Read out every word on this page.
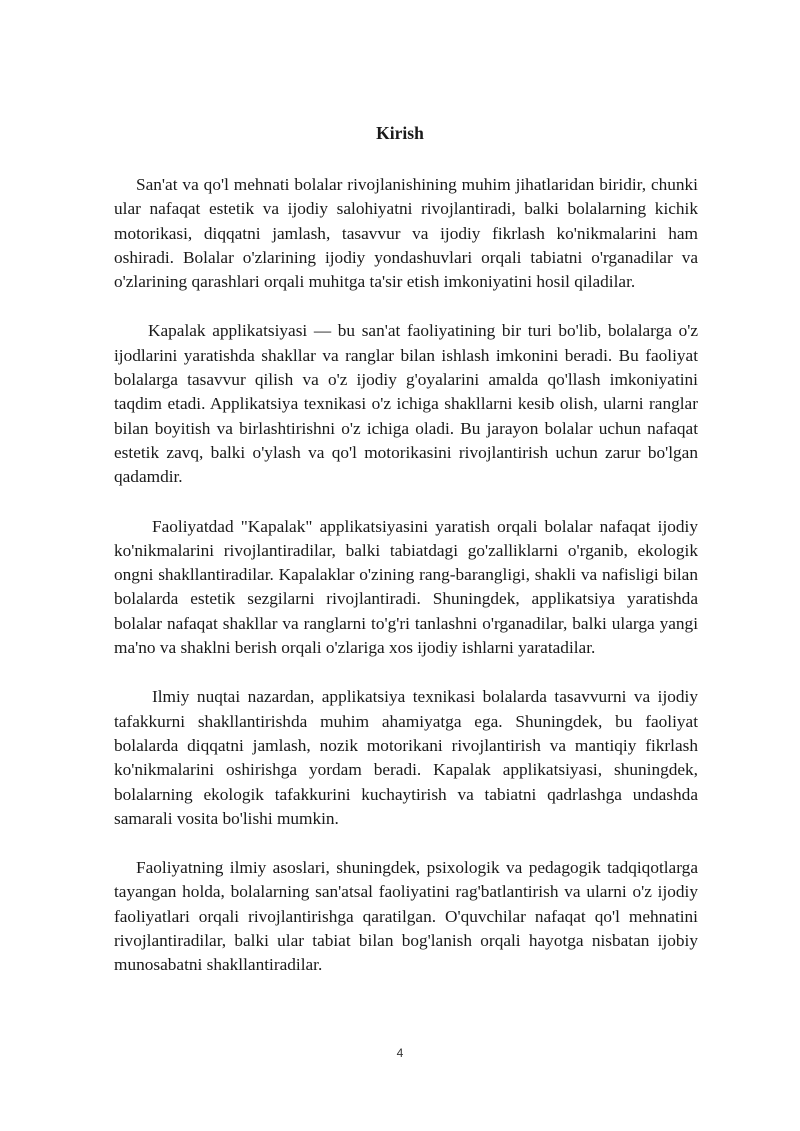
Kirish

San'at va qo'l mehnati bolalar rivojlanishining muhim jihatlaridan biridir, chunki ular nafaqat estetik va ijodiy salohiyatni rivojlantiradi, balki bolalarning kichik motorikasi, diqqatni jamlash, tasavvur va ijodiy fikrlash ko'nikmalarini ham oshiradi. Bolalar o'zlarining ijodiy yondashuvlari orqali tabiatni o'rganadilar va o'zlarining qarashlari orqali muhitga ta'sir etish imkoniyatini hosil qiladilar.

Kapalak applikatsiyasi — bu san'at faoliyatining bir turi bo'lib, bolalarga o'z ijodlarini yaratishda shakllar va ranglar bilan ishlash imkonini beradi. Bu faoliyat bolalarga tasavvur qilish va o'z ijodiy g'oyalarini amalda qo'llash imkoniyatini taqdim etadi. Applikatsiya texnikasi o'z ichiga shakllarni kesib olish, ularni ranglar bilan boyitish va birlashtirishni o'z ichiga oladi. Bu jarayon bolalar uchun nafaqat estetik zavq, balki o'ylash va qo'l motorikasini rivojlantirish uchun zarur bo'lgan qadamdir.

Faoliyatdad "Kapalak" applikatsiyasini yaratish orqali bolalar nafaqat ijodiy ko'nikmalarini rivojlantiradilar, balki tabiatdagi go'zalliklarni o'rganib, ekologik ongni shakllantiradilar. Kapalaklar o'zining rang-barangligi, shakli va nafisligi bilan bolalarda estetik sezgilarni rivojlantiradi. Shuningdek, applikatsiya yaratishda bolalar nafaqat shakllar va ranglarni to'g'ri tanlashni o'rganadilar, balki ularga yangi ma'no va shaklni berish orqali o'zlariga xos ijodiy ishlarni yaratadilar.

Ilmiy nuqtai nazardan, applikatsiya texnikasi bolalarda tasavvurni va ijodiy tafakkurni shakllantirishda muhim ahamiyatga ega. Shuningdek, bu faoliyat bolalarda diqqatni jamlash, nozik motorikani rivojlantirish va mantiqiy fikrlash ko'nikmalarini oshirishga yordam beradi. Kapalak applikatsiyasi, shuningdek, bolalarning ekologik tafakkurini kuchaytirish va tabiatni qadrlashga undashda samarali vosita bo'lishi mumkin.

Faoliyatning ilmiy asoslari, shuningdek, psixologik va pedagogik tadqiqotlarga tayangan holda, bolalarning san'atsal faoliyatini rag'batlantirish va ularni o'z ijodiy faoliyatlari orqali rivojlantirishga qaratilgan. O'quvchilar nafaqat qo'l mehnatini rivojlantiradilar, balki ular tabiat bilan bog'lanish orqali hayotga nisbatan ijobiy munosabatni shakllantiradilar.

4
